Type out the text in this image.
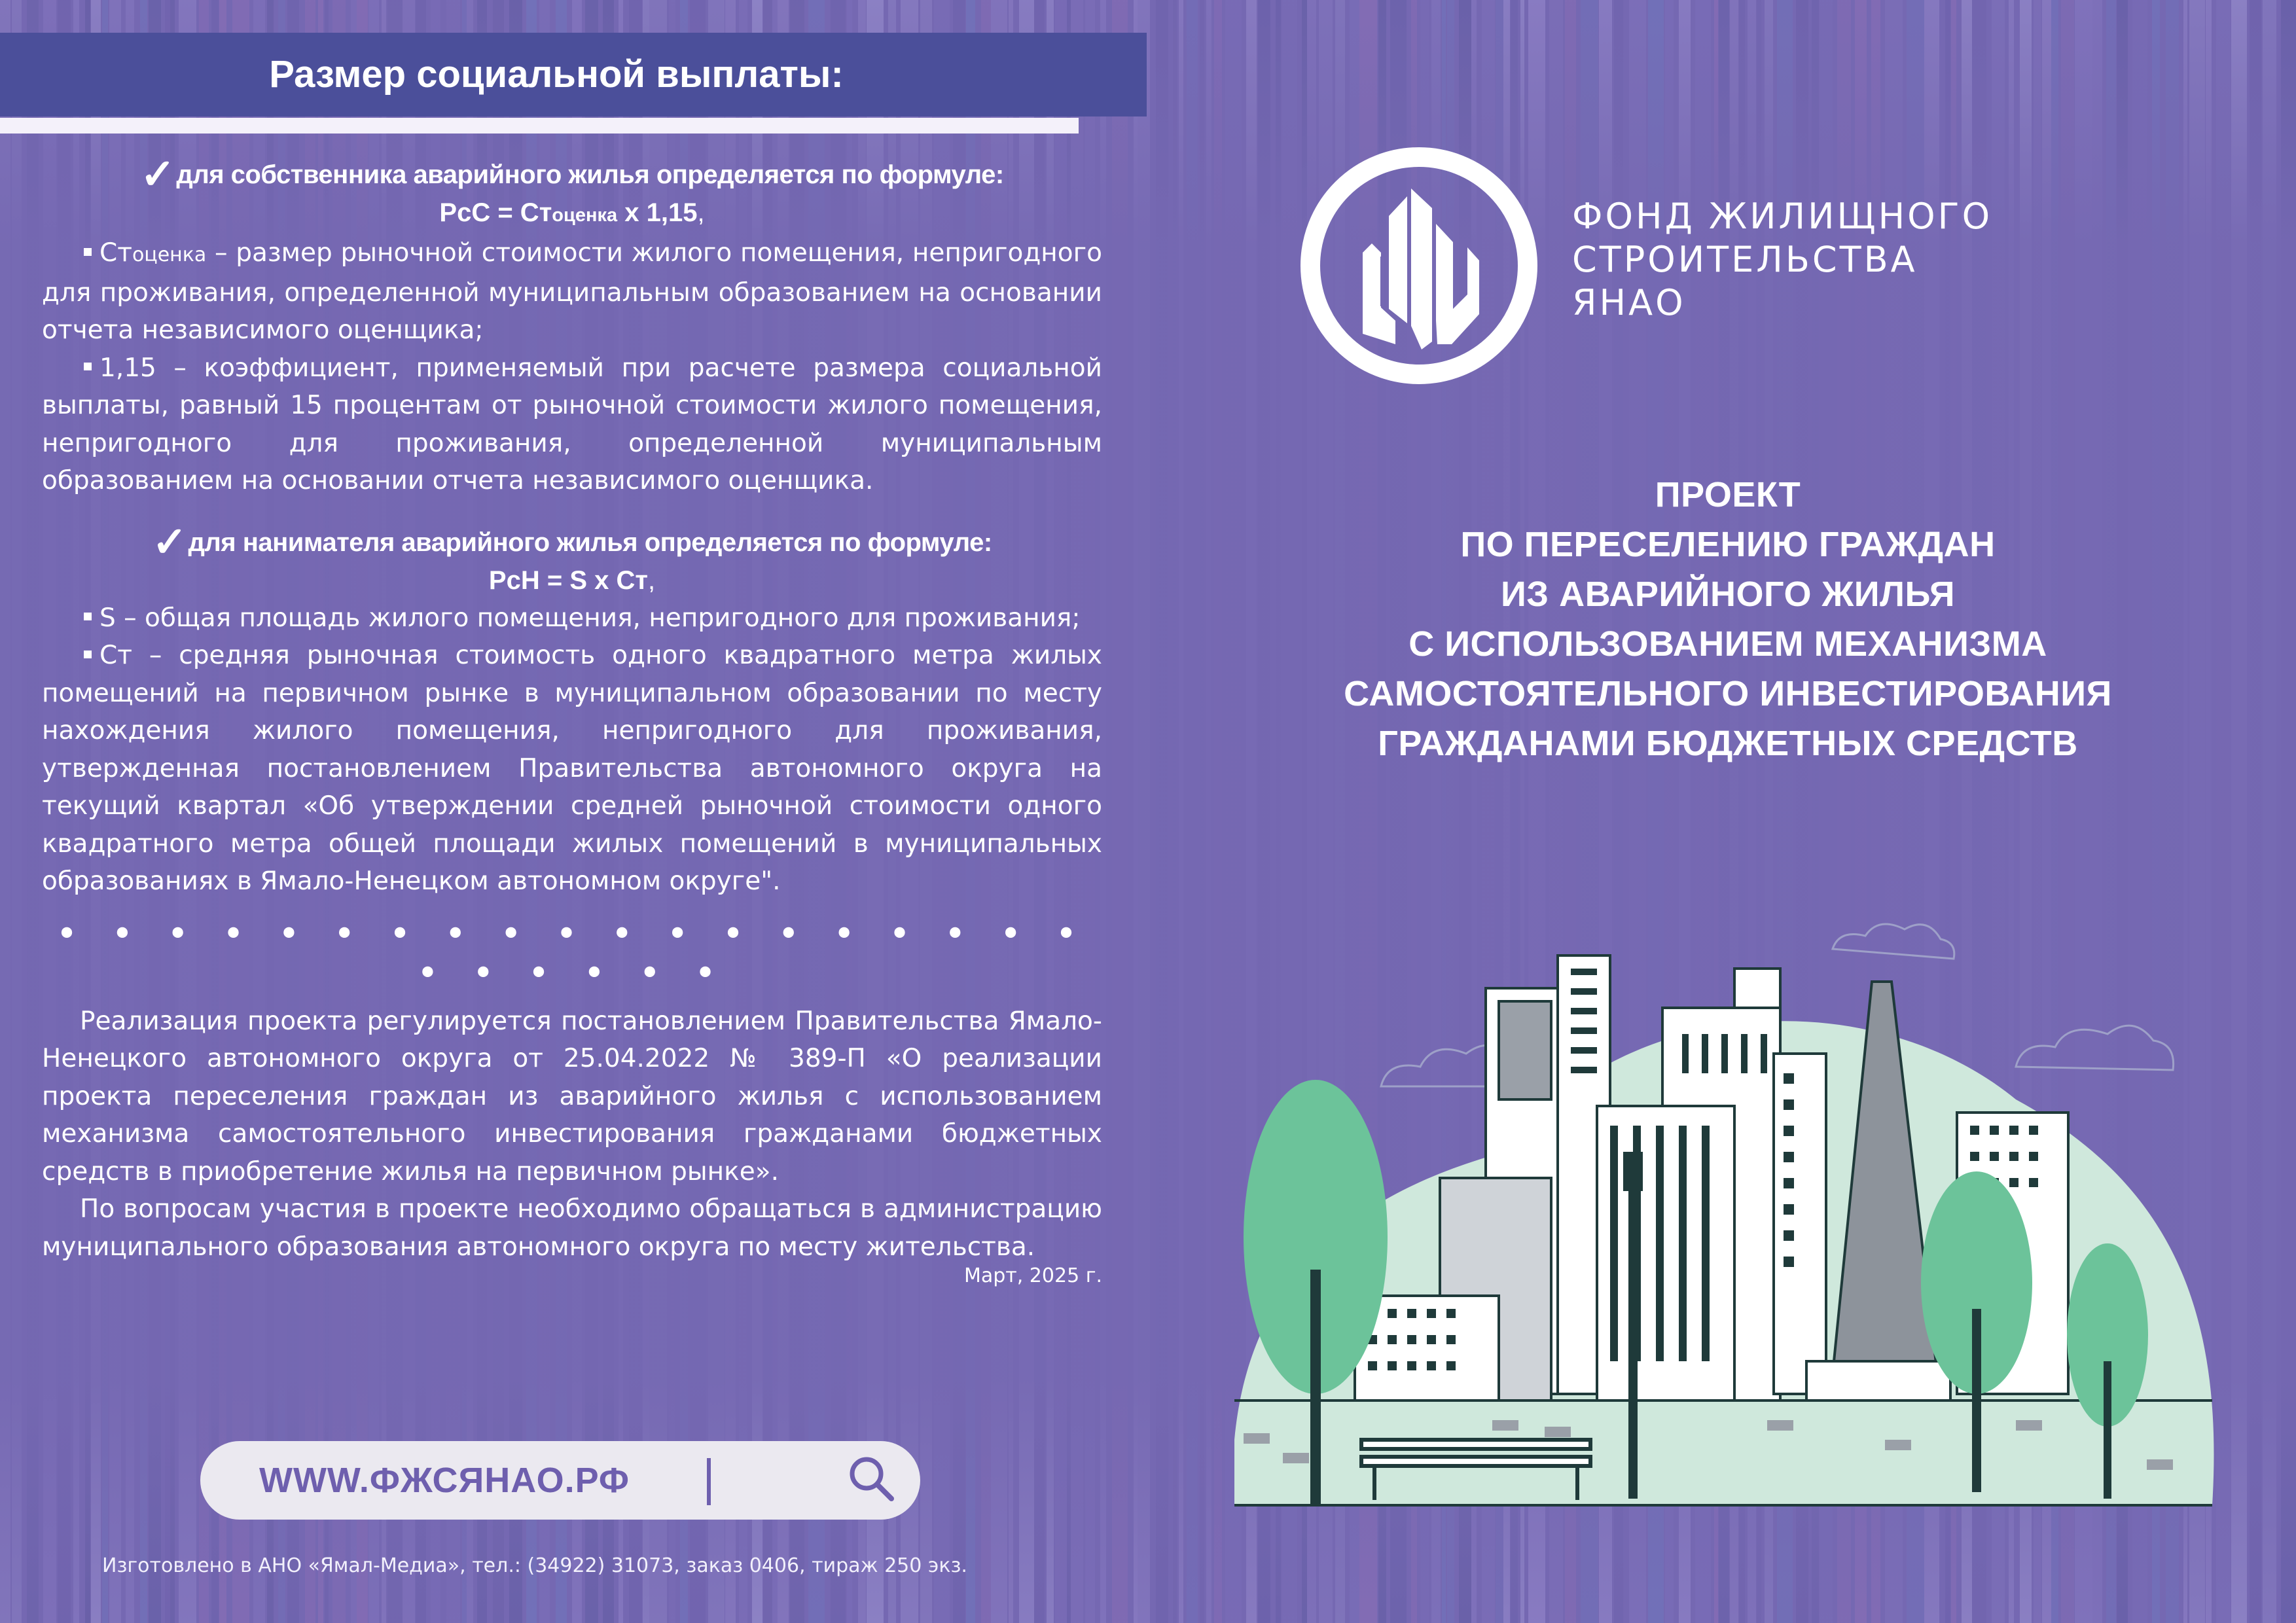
Размер социальной выплаты:
✓для собственника аварийного жилья определяется по формуле:
РсС = Стоценка х 1,15,
Стоценка – размер рыночной стоимости жилого помещения, непригодного для проживания, определенной муниципальным образованием на основании отчета независимого оценщика;
1,15 – коэффициент, применяемый при расчете размера социальной выплаты, равный 15 процентам от рыночной стоимости жилого помещения, непригодного для проживания, определенной муниципальным образованием на основании отчета независимого оценщика.
✓для нанимателя аварийного жилья определяется по формуле:
РсН = S х Ст,
S – общая площадь жилого помещения, непригодного для проживания;
Ст – средняя рыночная стоимость одного квадратного метра жилых помещений на первичном рынке в муниципальном образовании по месту нахождения жилого помещения, непригодного для проживания, утвержденная постановлением Правительства автономного округа на текущий квартал «Об утверждении средней рыночной стоимости одного квадратного метра общей площади жилых помещений в муниципальных образованиях в Ямало-Ненецком автономном округе".
• • • • • • • • • • • • • • • • • • • • • • • • •
Реализация проекта регулируется постановлением Правительства Ямало-Ненецкого автономного округа от 25.04.2022 № 389-П «О реализации проекта переселения граждан из аварийного жилья с использованием механизма самостоятельного инвестирования гражданами бюджетных средств в приобретение жилья на первичном рынке».
По вопросам участия в проекте необходимо обращаться в администрацию муниципального образования автономного округа по месту жительства.
Март, 2025 г.
WWW.ФЖСЯНАО.РФ
Изготовлено в АНО «Ямал-Медиа», тел.: (34922) 31073, заказ 0406, тираж 250 экз.
ФОНД ЖИЛИЩНОГО
СТРОИТЕЛЬСТВА
ЯНАО
ПРОЕКТ
ПО ПЕРЕСЕЛЕНИЮ ГРАЖДАН
ИЗ АВАРИЙНОГО ЖИЛЬЯ
С ИСПОЛЬЗОВАНИЕМ МЕХАНИЗМА
САМОСТОЯТЕЛЬНОГО ИНВЕСТИРОВАНИЯ
ГРАЖДАНАМИ БЮДЖЕТНЫХ СРЕДСТВ
